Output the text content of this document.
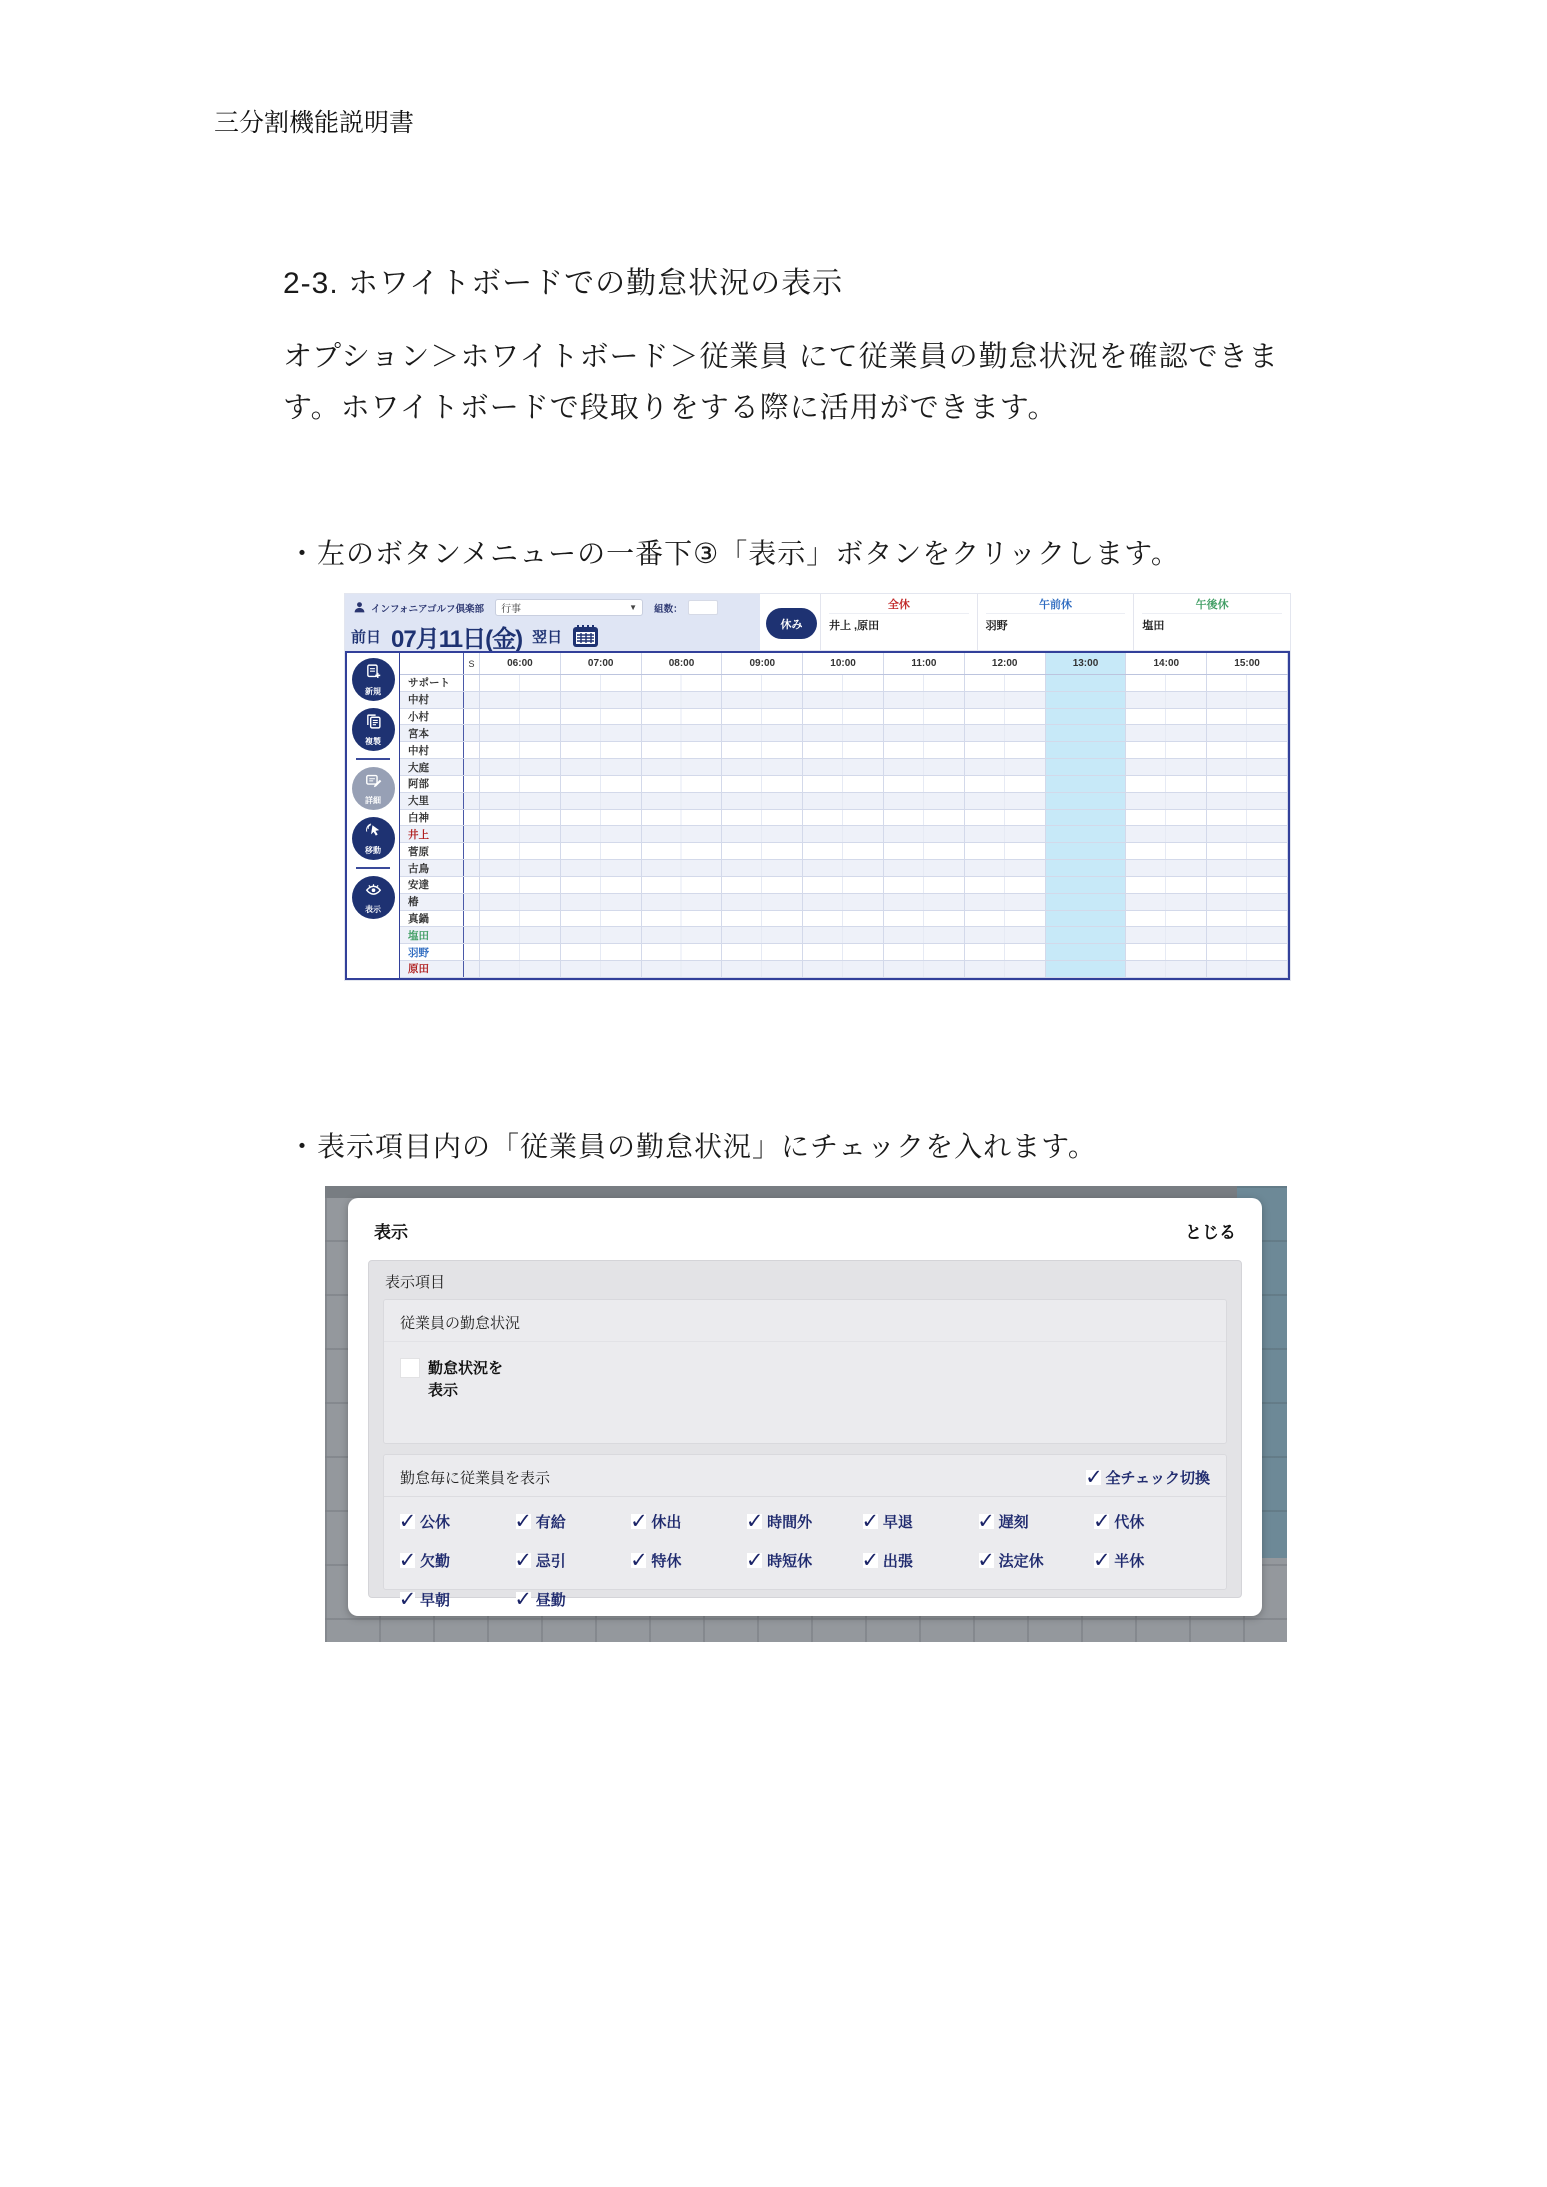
三分割機能説明書
2-3. ホワイトボードでの勤怠状況の表示
オプション＞ホワイトボード＞従業員 にて従業員の勤怠状況を確認できま
す。ホワイトボードで段取りをする際に活用ができます。
・左のボタンメニューの一番下③「表示」ボタンをクリックします。
・表示項目内の「従業員の勤怠状況」にチェックを入れます。
インフォニアゴルフ倶楽部 行事	▼ 組数：
前日 07月11日(金) 翌日
休み
全休
井上 ,原田
午前休
羽野
午後休
塩田
新規
複製
詳細
移動
表示
S	06:00	07:00	08:00	09:00	10:00	11:00	12:00	13:00	14:00	15:00
サポート
中村
小村
宮本
中村
大庭
阿部
大里
白神
井上
菅原
古鳥
安達
椿
真鍋
塩田
羽野
原田
表示	とじる
表示項目
従業員の勤怠状況
勤怠状況を
表示
勤怠毎に従業員を表示	✓ 全チェック切換
✓ 公休	✓ 有給	✓ 休出	✓ 時間外 ✓ 早退	✓ 遅刻	✓ 代休
✓ 欠勤	✓ 忌引	✓ 特休	✓ 時短休 ✓ 出張	✓ 法定休 ✓ 半休
✓ 早朝	✓ 昼勤
